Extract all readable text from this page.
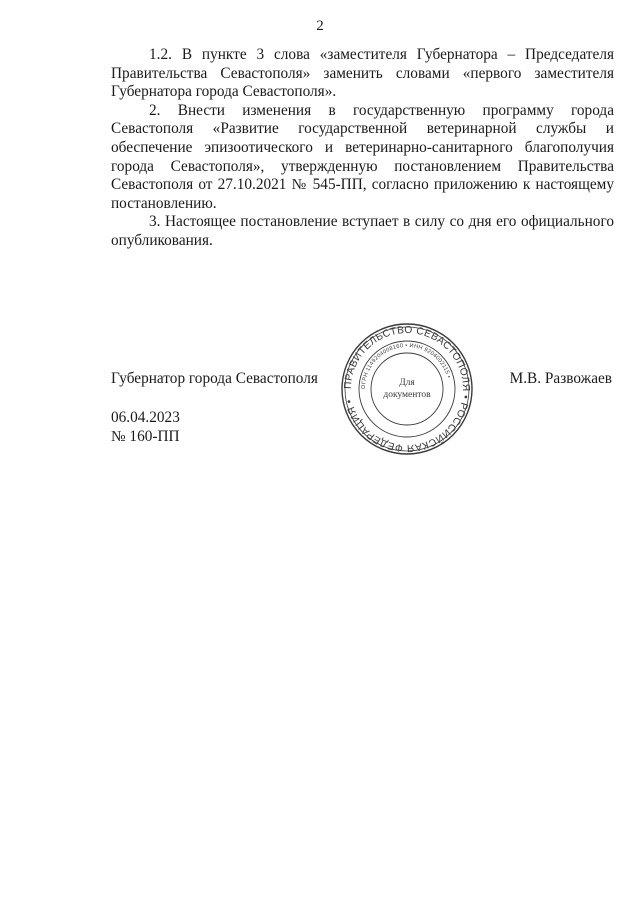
2

1.2. В пункте 3 слова «заместителя Губернатора – Председателя Правительства Севастополя» заменить словами «первого заместителя Губернатора города Севастополя».

2. Внести изменения в государственную программу города Севастополя «Развитие государственной ветеринарной службы и обеспечение эпизоотического и ветеринарно-санитарного благополучия города Севастополя», утвержденную постановлением Правительства Севастополя от 27.10.2021 № 545-ПП, согласно приложению к настоящему постановлению.

3. Настоящее постановление вступает в силу со дня его официального опубликования.

Губернатор города Севастополя ПРАВИТЕЛЬСТВО СЕВАСТОПОЛЯ • РОССИЙСКАЯ ФЕДЕРАЦИЯ •
ОГРН 1149204008160 • ИНН 9204002115 •
Для
документов
М.В. Развожаев
06.04.2023
№ 160-ПП
